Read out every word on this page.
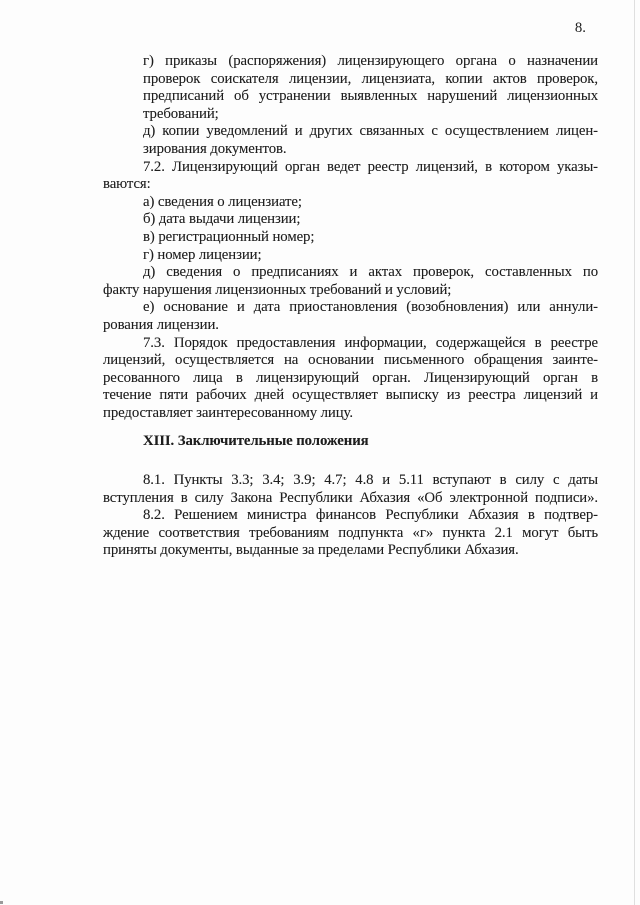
8.
г) приказы (распоряжения) лицензирующего органа о назначении
проверок соискателя лицензии, лицензиата, копии актов проверок,
предписаний об устранении выявленных нарушений лицензионных
требований;
д) копии уведомлений и других связанных с осуществлением лицен-
зирования документов.
7.2. Лицензирующий орган ведет реестр лицензий, в котором указы-
ваются:
а) сведения о лицензиате;
б) дата выдачи лицензии;
в) регистрационный номер;
г) номер лицензии;
д) сведения о предписаниях и актах проверок, составленных по
факту нарушения лицензионных требований и условий;
е) основание и дата приостановления (возобновления) или аннули-
рования лицензии.
7.3. Порядок предоставления информации, содержащейся в реестре
лицензий, осуществляется на основании письменного обращения заинте-
ресованного лица в лицензирующий орган. Лицензирующий орган в
течение пяти рабочих дней осуществляет выписку из реестра лицензий и
предоставляет заинтересованному лицу.
XIII. Заключительные положения
8.1. Пункты 3.3; 3.4; 3.9; 4.7; 4.8 и 5.11 вступают в силу с даты
вступления в силу Закона Республики Абхазия «Об электронной подписи».
8.2. Решением министра финансов Республики Абхазия в подтвер-
ждение соответствия требованиям подпункта «г» пункта 2.1 могут быть
приняты документы, выданные за пределами Республики Абхазия.
